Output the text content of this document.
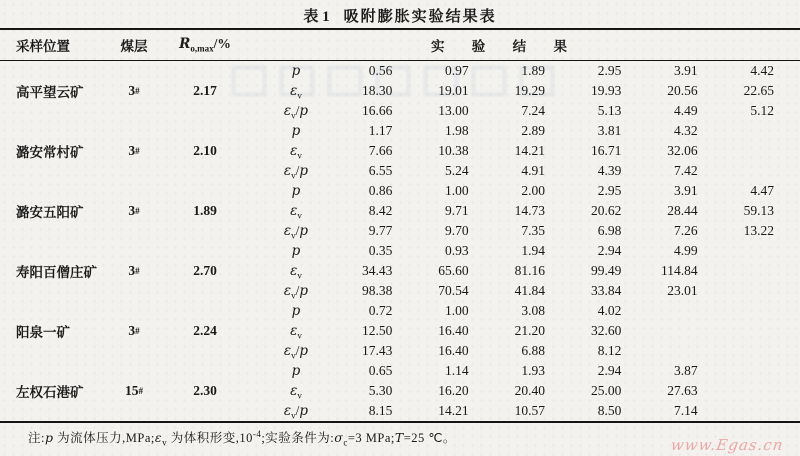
表 1 吸附膨胀实验结果表
采样位置	煤层	$R_{o,max}/\%$	实 验 结 果
高平望云矿	3 #	2.17
p	0.56	0.97	1.89	2.95	3.91	4.42
$\varepsilon_v$	18.30	19.01	19.29	19.93	20.56	22.65
$\varepsilon_v/p$	16.66	13.00	7.24	5.13	4.49	5.12
潞安常村矿	3 #	2.10
p	1.17	1.98	2.89	3.81	4.32
$\varepsilon_v$	7.66	10.38	14.21	16.71	32.06
$\varepsilon_v/p$	6.55	5.24	4.91	4.39	7.42
潞安五阳矿	3 #	1.89
p	0.86	1.00	2.00	2.95	3.91	4.47
$\varepsilon_v$	8.42	9.71	14.73	20.62	28.44	59.13
$\varepsilon_v/p$	9.77	9.70	7.35	6.98	7.26	13.22
寿阳百僧庄矿	3 #	2.70
p	0.35	0.93	1.94	2.94	4.99
$\varepsilon_v$	34.43	65.60	81.16	99.49	114.84
$\varepsilon_v/p$	98.38	70.54	41.84	33.84	23.01
阳泉一矿	3 #	2.24
p	0.72	1.00	3.08	4.02
$\varepsilon_v$	12.50	16.40	21.20	32.60
$\varepsilon_v/p$	17.43	16.40	6.88	8.12
左权石港矿	15 #	2.30
p	0.65	1.14	1.93	2.94	3.87
$\varepsilon_v$	5.30	16.20	20.40	25.00	27.63
$\varepsilon_v/p$	8.15	14.21	10.57	8.50	7.14
注:p 为流体压力$,MPa;\varepsilon_v$ 为体积形变$,10^{-4}$;实验条件为$:\sigma_c=3$ MPa;T=25 ℃。	www.Egas.cn
